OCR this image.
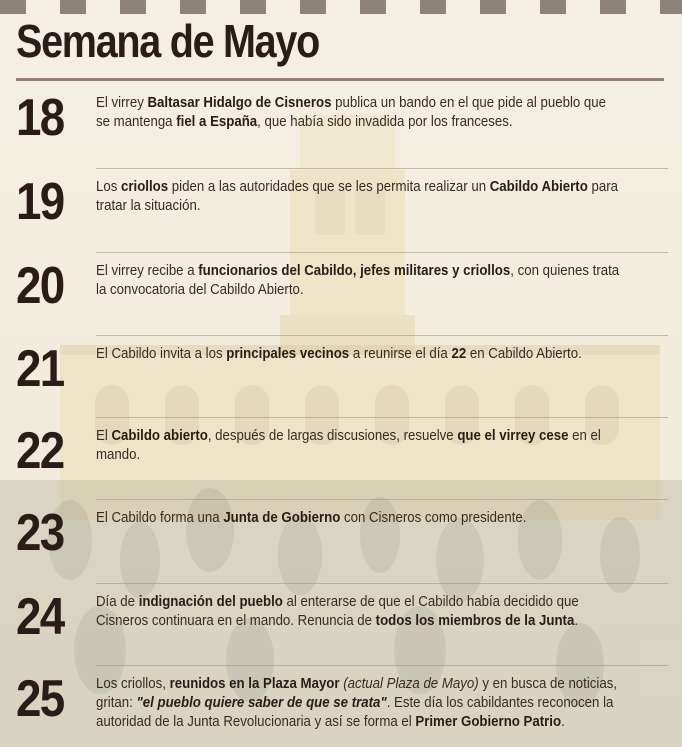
Semana de Mayo
18 El virrey Baltasar Hidalgo de Cisneros publica un bando en el que pide al pueblo que se mantenga fiel a España, que había sido invadida por los franceses.

19 Los criollos piden a las autoridades que se les permita realizar un Cabildo Abierto para tratar la situación.

20 El virrey recibe a funcionarios del Cabildo, jefes militares y criollos, con quienes trata la convocatoria del Cabildo Abierto.

21 El Cabildo invita a los principales vecinos a reunirse el día 22 en Cabildo Abierto.

22 El Cabildo abierto, después de largas discusiones, resuelve que el virrey cese en el mando.

23 El Cabildo forma una Junta de Gobierno con Cisneros como presidente.

24 Día de indignación del pueblo al enterarse de que el Cabildo había decidido que Cisneros continuara en el mando. Renuncia de todos los miembros de la Junta.

25 Los criollos, reunidos en la Plaza Mayor (actual Plaza de Mayo) y en busca de noticias, gritan: "el pueblo quiere saber de que se trata". Este día los cabildantes reconocen la autoridad de la Junta Revolucionaria y así se forma el Primer Gobierno Patrio.
